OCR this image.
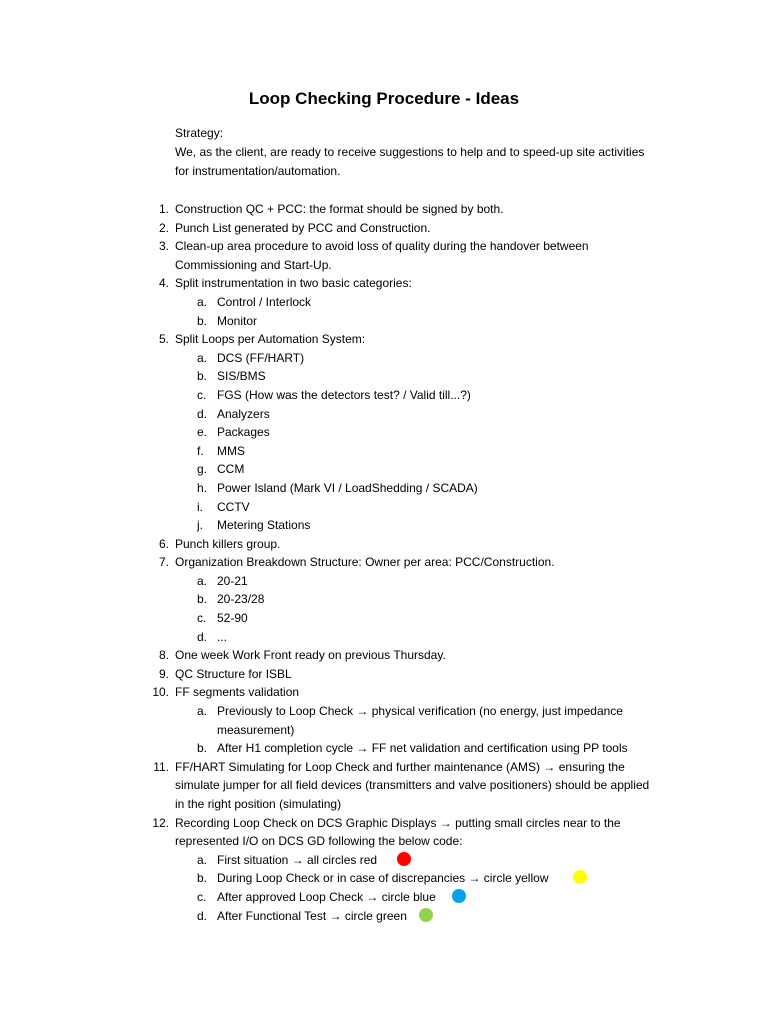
Loop Checking Procedure - Ideas
Strategy:
We, as the client, are ready to receive suggestions to help and to speed-up site activities for instrumentation/automation.
1. Construction QC + PCC: the format should be signed by both.
2. Punch List generated by PCC and Construction.
3. Clean-up area procedure to avoid loss of quality during the handover between Commissioning and Start-Up.
4. Split instrumentation in two basic categories:
a. Control / Interlock
b. Monitor
5. Split Loops per Automation System:
a. DCS (FF/HART)
b. SIS/BMS
c. FGS (How was the detectors test? / Valid till...?)
d. Analyzers
e. Packages
f. MMS
g. CCM
h. Power Island (Mark VI / LoadShedding / SCADA)
i. CCTV
j. Metering Stations
6. Punch killers group.
7. Organization Breakdown Structure: Owner per area: PCC/Construction.
a. 20-21
b. 20-23/28
c. 52-90
d. ...
8. One week Work Front ready on previous Thursday.
9. QC Structure for ISBL
10. FF segments validation
a. Previously to Loop Check → physical verification (no energy, just impedance measurement)
b. After H1 completion cycle → FF net validation and certification using PP tools
11. FF/HART Simulating for Loop Check and further maintenance (AMS) → ensuring the simulate jumper for all field devices (transmitters and valve positioners) should be applied in the right position (simulating)
12. Recording Loop Check on DCS Graphic Displays → putting small circles near to the represented I/O on DCS GD following the below code:
a. First situation → all circles red
b. During Loop Check or in case of discrepancies → circle yellow
c. After approved Loop Check → circle blue
d. After Functional Test → circle green
